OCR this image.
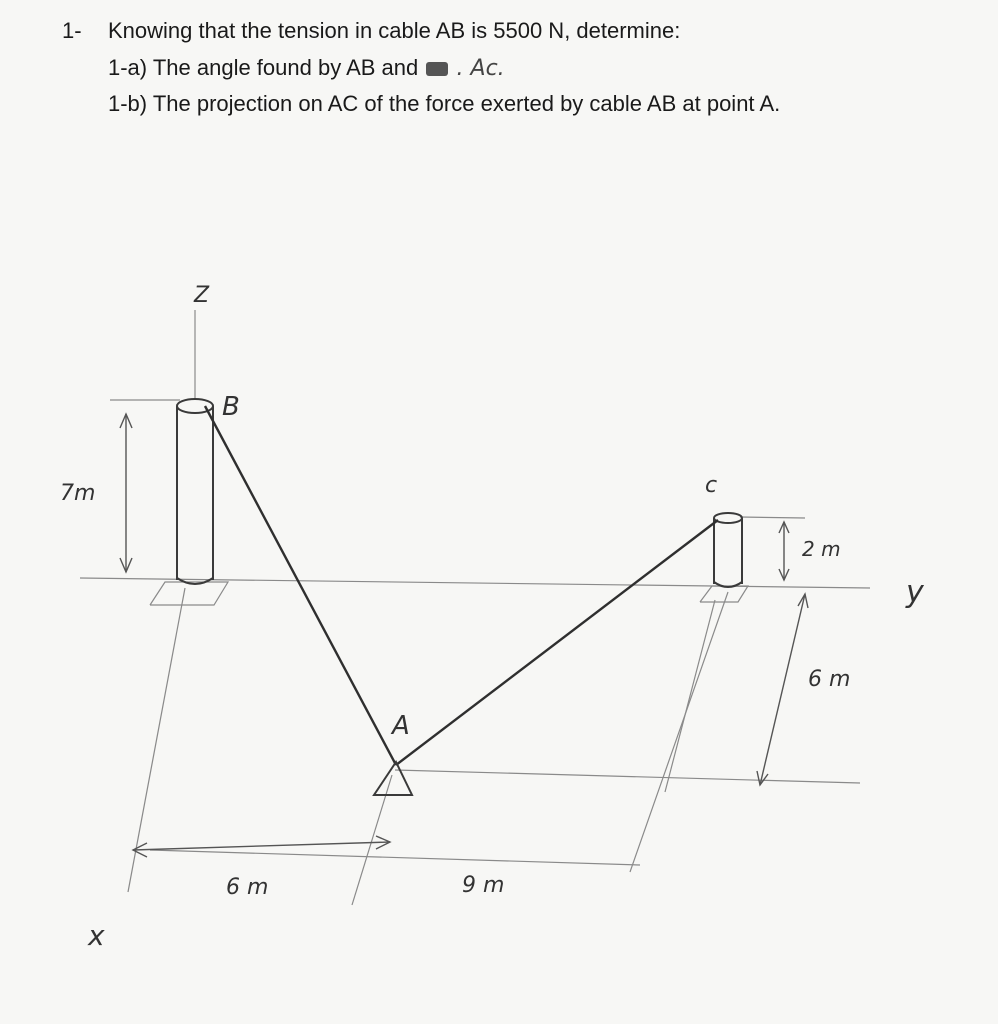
1- Knowing that the tension in cable AB is 5500 N, determine:
1-a) The angle found by AB and . Ac.
1-b) The projection on AC of the force exerted by cable AB at point A.
Z
B
c
A
x
y
7m
2 m
6 m
6 m	9 m
